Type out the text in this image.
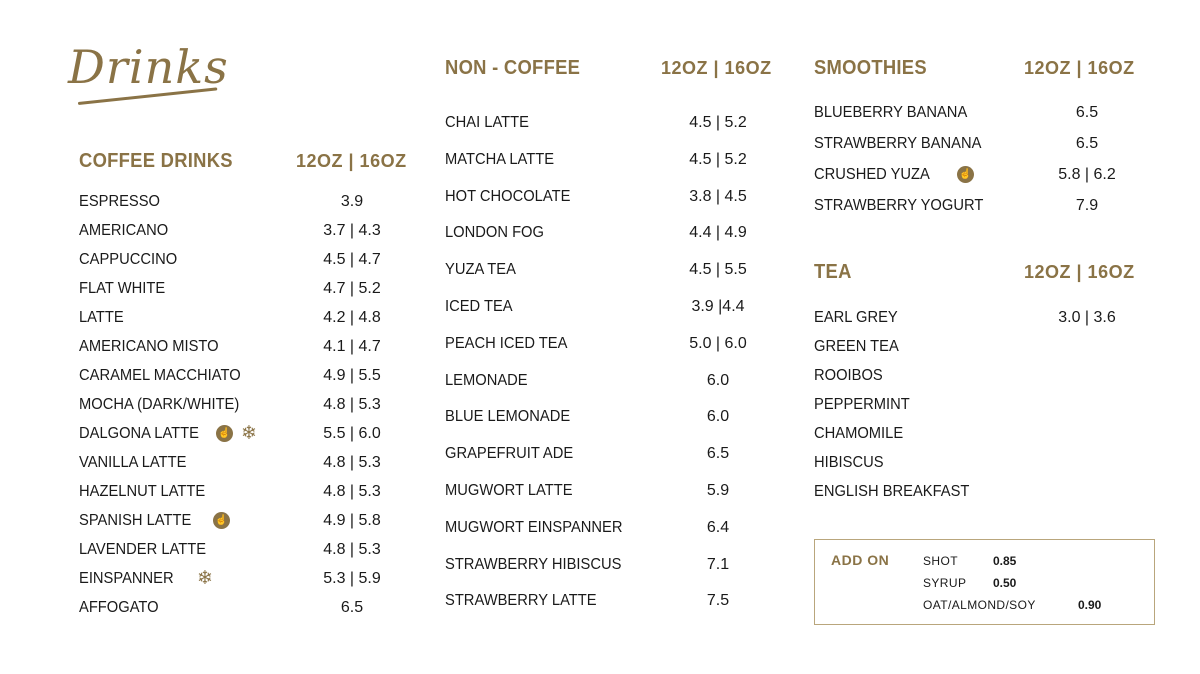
Drinks
COFFEE DRINKS	12OZ | 16OZ
ESPRESSO	3.9
AMERICANO	3.7 | 4.3
CAPPUCCINO	4.5 | 4.7
FLAT WHITE	4.7 | 5.2
LATTE	4.2 | 4.8
AMERICANO MISTO	4.1 | 4.7
CARAMEL MACCHIATO	4.9 | 5.5
MOCHA (DARK/WHITE)	4.8 | 5.3
DALGONA LATTE	5.5 | 6.0
☝ ❄
VANILLA LATTE	4.8 | 5.3
HAZELNUT LATTE	4.8 | 5.3
SPANISH LATTE	4.9 | 5.8
☝
LAVENDER LATTE	4.8 | 5.3
EINSPANNER	5.3 | 5.9
❄
AFFOGATO	6.5
NON - COFFEE	12OZ | 16OZ
CHAI LATTE	4.5 | 5.2
MATCHA LATTE	4.5 | 5.2
HOT CHOCOLATE	3.8 | 4.5
LONDON FOG	4.4 | 4.9
YUZA TEA	4.5 | 5.5
ICED TEA	3.9 |4.4
PEACH ICED TEA	5.0 | 6.0
LEMONADE	6.0
BLUE LEMONADE	6.0
GRAPEFRUIT ADE	6.5
MUGWORT LATTE	5.9
MUGWORT EINSPANNER	6.4
STRAWBERRY HIBISCUS	7.1
STRAWBERRY LATTE	7.5
SMOOTHIES	12OZ | 16OZ
BLUEBERRY BANANA	6.5
STRAWBERRY BANANA	6.5
CRUSHED YUZA	5.8 | 6.2
☝
STRAWBERRY YOGURT	7.9
TEA	12OZ | 16OZ
EARL GREY	3.0 | 3.6
GREEN TEA
ROOIBOS
PEPPERMINT
CHAMOMILE
HIBISCUS
ENGLISH BREAKFAST
ADD ON	SHOT	0.85
SYRUP 0.50
OAT/ALMOND/SOY	0.90
